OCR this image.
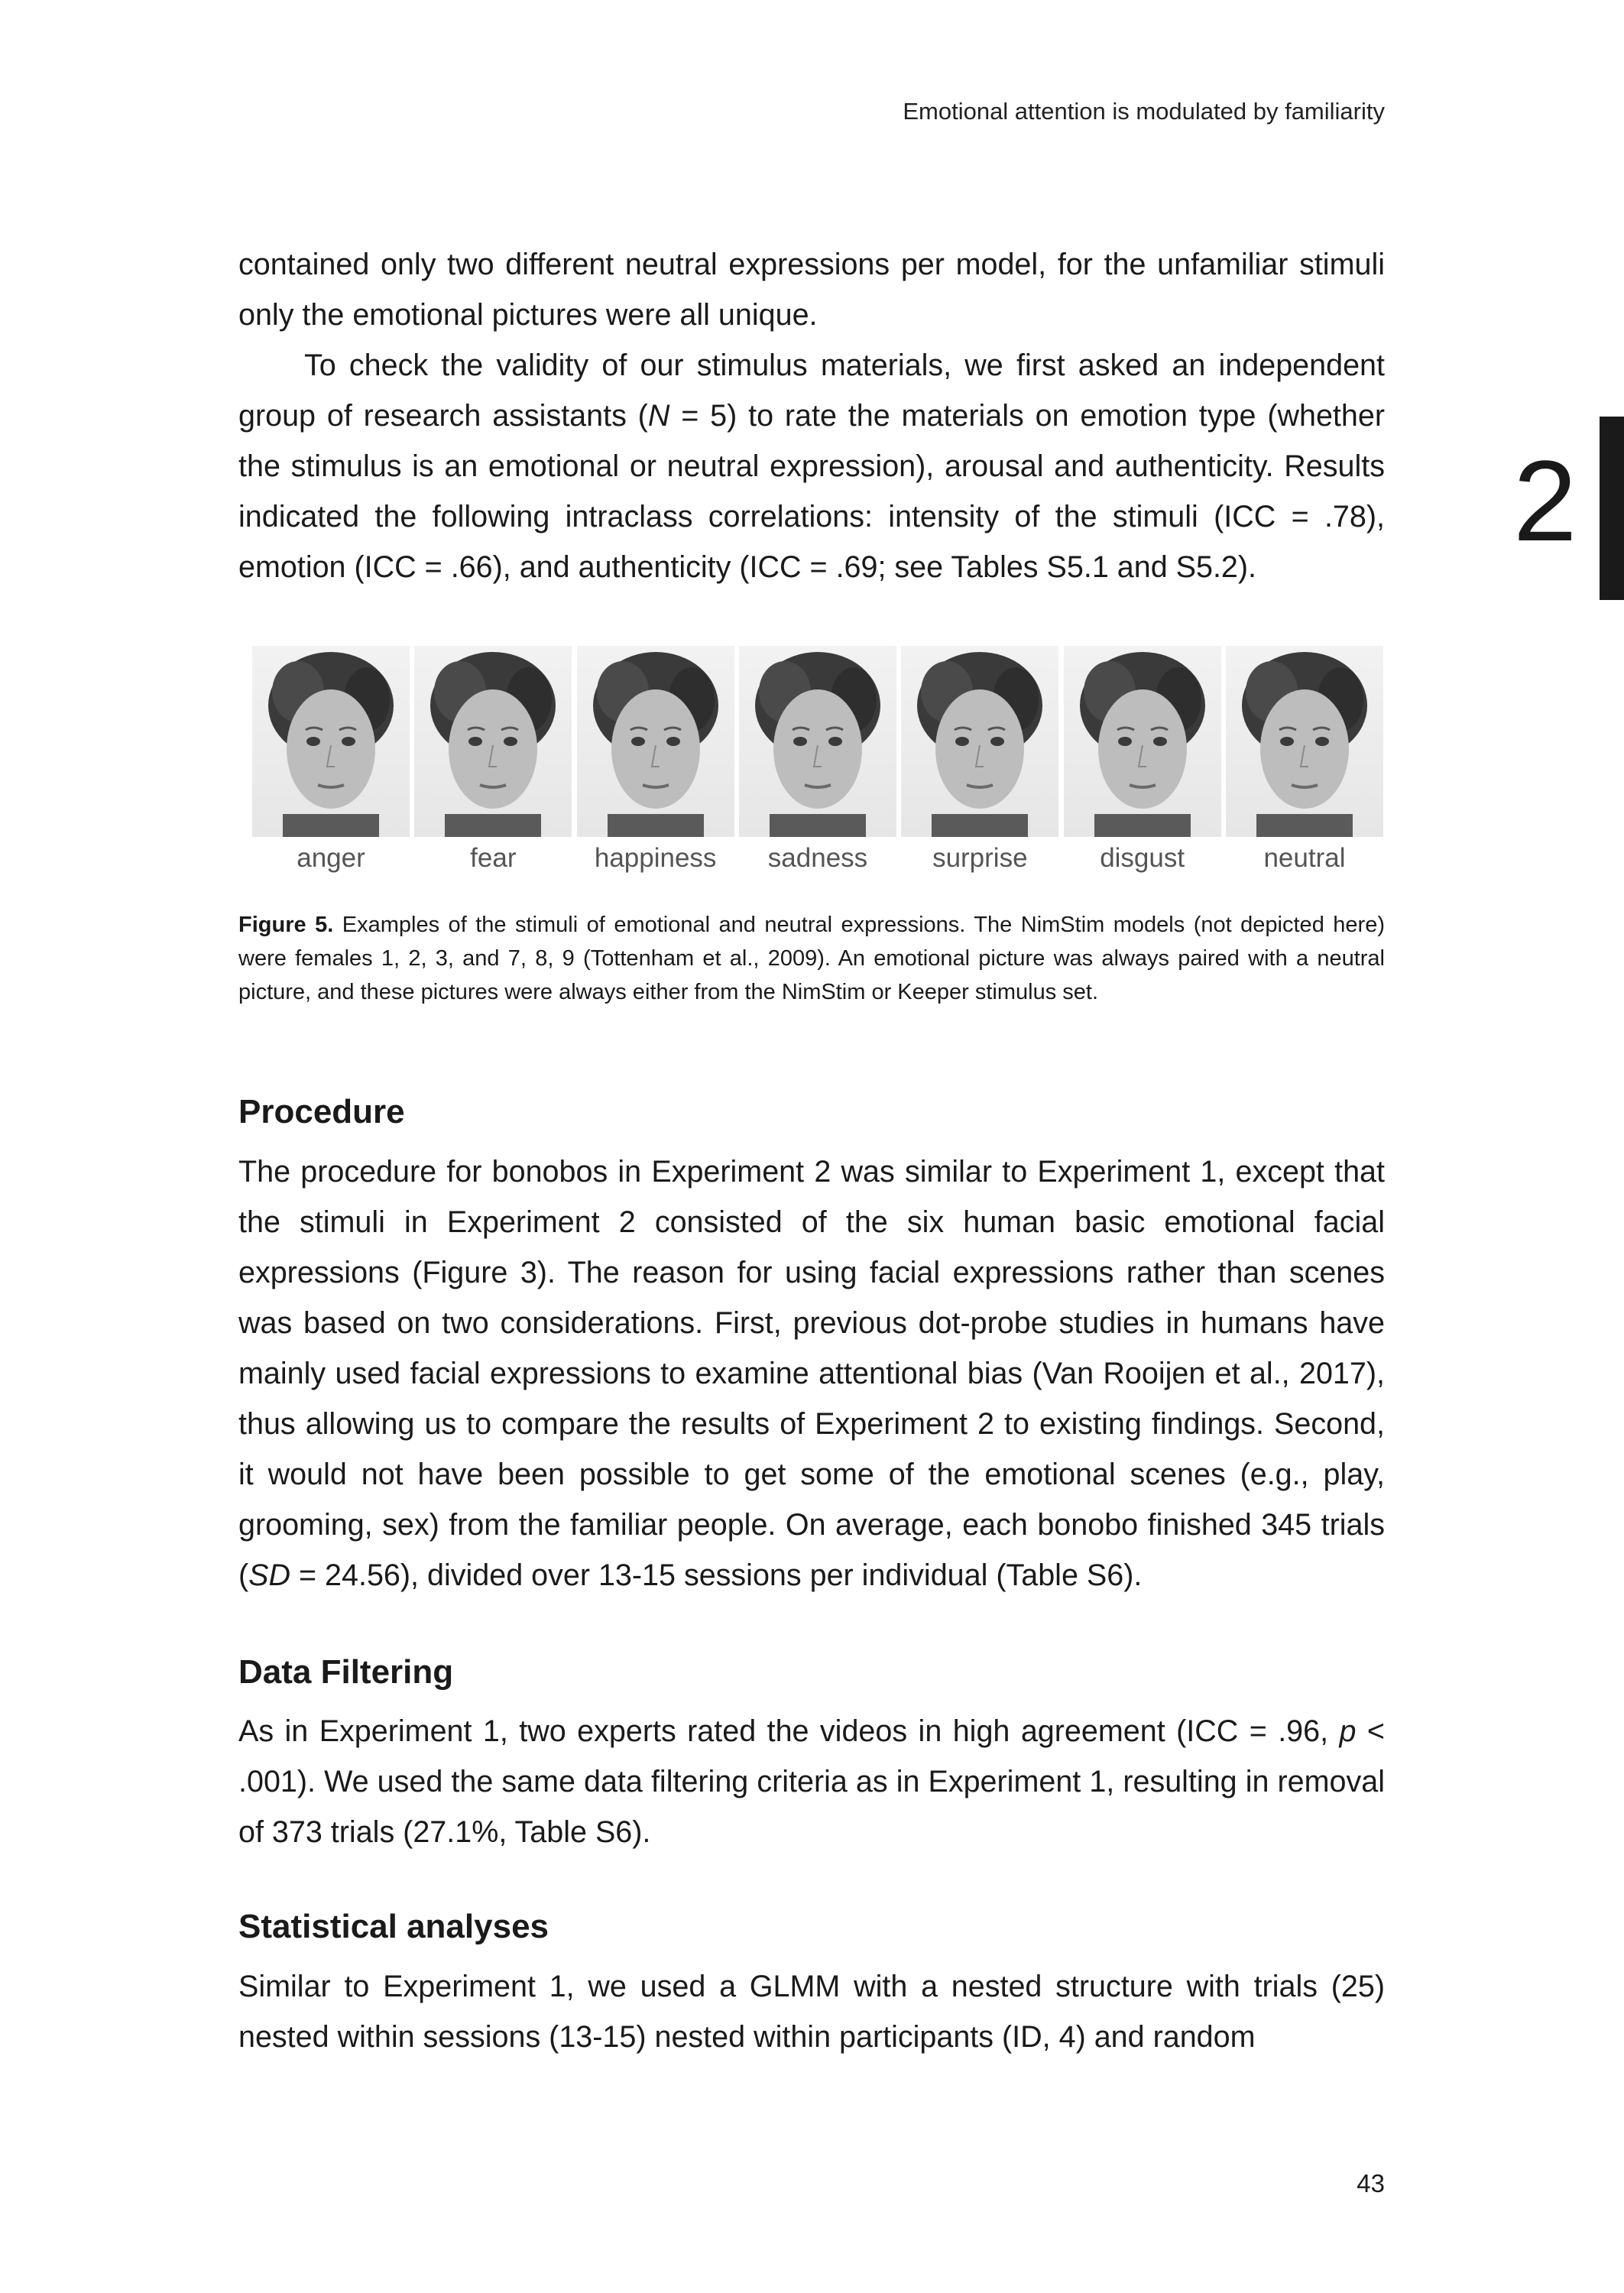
Emotional attention is modulated by familiarity
2

contained only two different neutral expressions per model, for the unfamiliar stimuli only the emotional pictures were all unique.

To check the validity of our stimulus materials, we first asked an independent group of research assistants (N = 5) to rate the materials on emotion type (whether the stimulus is an emotional or neutral expression), arousal and authenticity. Results indicated the following intraclass correlations: intensity of the stimuli (ICC = .78), emotion (ICC = .66), and authenticity (ICC = .69; see Tables S5.1 and S5.2).

anger	fear	happiness	sadness	surprise	disgust	neutral

Figure 5. Examples of the stimuli of emotional and neutral expressions. The NimStim models (not depicted here) were females 1, 2, 3, and 7, 8, 9 (Tottenham et al., 2009). An emotional picture was always paired with a neutral picture, and these pictures were always either from the NimStim or Keeper stimulus set.

Procedure

The procedure for bonobos in Experiment 2 was similar to Experiment 1, except that the stimuli in Experiment 2 consisted of the six human basic emotional facial expressions (Figure 3). The reason for using facial expressions rather than scenes was based on two considerations. First, previous dot-probe studies in humans have mainly used facial expressions to examine attentional bias (Van Rooijen et al., 2017), thus allowing us to compare the results of Experiment 2 to existing findings. Second, it would not have been possible to get some of the emotional scenes (e.g., play, grooming, sex) from the familiar people. On average, each bonobo finished 345 trials (SD = 24.56), divided over 13-15 sessions per individual (Table S6).

Data Filtering

As in Experiment 1, two experts rated the videos in high agreement (ICC = .96, p < .001). We used the same data filtering criteria as in Experiment 1, resulting in removal of 373 trials (27.1%, Table S6).

Statistical analyses

Similar to Experiment 1, we used a GLMM with a nested structure with trials (25) nested within sessions (13-15) nested within participants (ID, 4) and random

43
